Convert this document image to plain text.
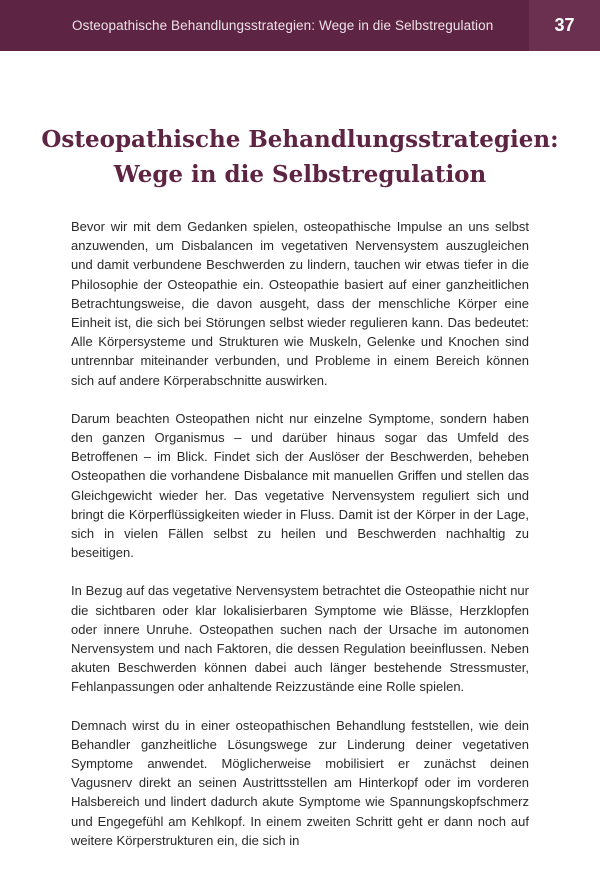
Osteopathische Behandlungsstrategien: Wege in die Selbstregulation	37
Osteopathische Behandlungsstrategien:
Wege in die Selbstregulation

Bevor wir mit dem Gedanken spielen, osteopathische Impulse an uns selbst anzuwenden, um Disbalancen im vegetativen Nervensystem auszugleichen und damit verbundene Beschwerden zu lindern, tauchen wir etwas tiefer in die Philosophie der Osteopathie ein. Osteopathie basiert auf einer ganzheitlichen Betrachtungsweise, die davon ausgeht, dass der menschliche Körper eine Einheit ist, die sich bei Störungen selbst wieder regulieren kann. Das bedeutet: Alle Körpersysteme und Strukturen wie Muskeln, Gelenke und Knochen sind untrennbar miteinander verbunden, und Probleme in einem Bereich können sich auf andere Körperabschnitte auswirken.

Darum beachten Osteopathen nicht nur einzelne Symptome, sondern haben den ganzen Organismus – und darüber hinaus sogar das Umfeld des Betroffenen – im Blick. Findet sich der Auslöser der Beschwerden, beheben Osteopathen die vorhandene Disbalance mit manuellen Griffen und stellen das Gleichgewicht wieder her. Das vegetative Nervensystem reguliert sich und bringt die Körperflüssigkeiten wieder in Fluss. Damit ist der Körper in der Lage, sich in vielen Fällen selbst zu heilen und Beschwerden nachhaltig zu beseitigen.

In Bezug auf das vegetative Nervensystem betrachtet die Osteopathie nicht nur die sichtbaren oder klar lokalisierbaren Symptome wie Blässe, Herzklopfen oder innere Unruhe. Osteopathen suchen nach der Ursache im autonomen Nervensystem und nach Faktoren, die dessen Regulation beeinflussen. Neben akuten Beschwerden können dabei auch länger bestehende Stressmuster, Fehlanpassungen oder anhaltende Reizzustände eine Rolle spielen.

Demnach wirst du in einer osteopathischen Behandlung feststellen, wie dein Behandler ganzheitliche Lösungswege zur Linderung deiner vegetativen Symptome anwendet. Möglicherweise mobilisiert er zunächst deinen Vagusnerv direkt an seinen Austrittsstellen am Hinterkopf oder im vorderen Halsbereich und lindert dadurch akute Symptome wie Spannungskopfschmerz und Engegefühl am Kehlkopf. In einem zweiten Schritt geht er dann noch auf weitere Körperstrukturen ein, die sich in
